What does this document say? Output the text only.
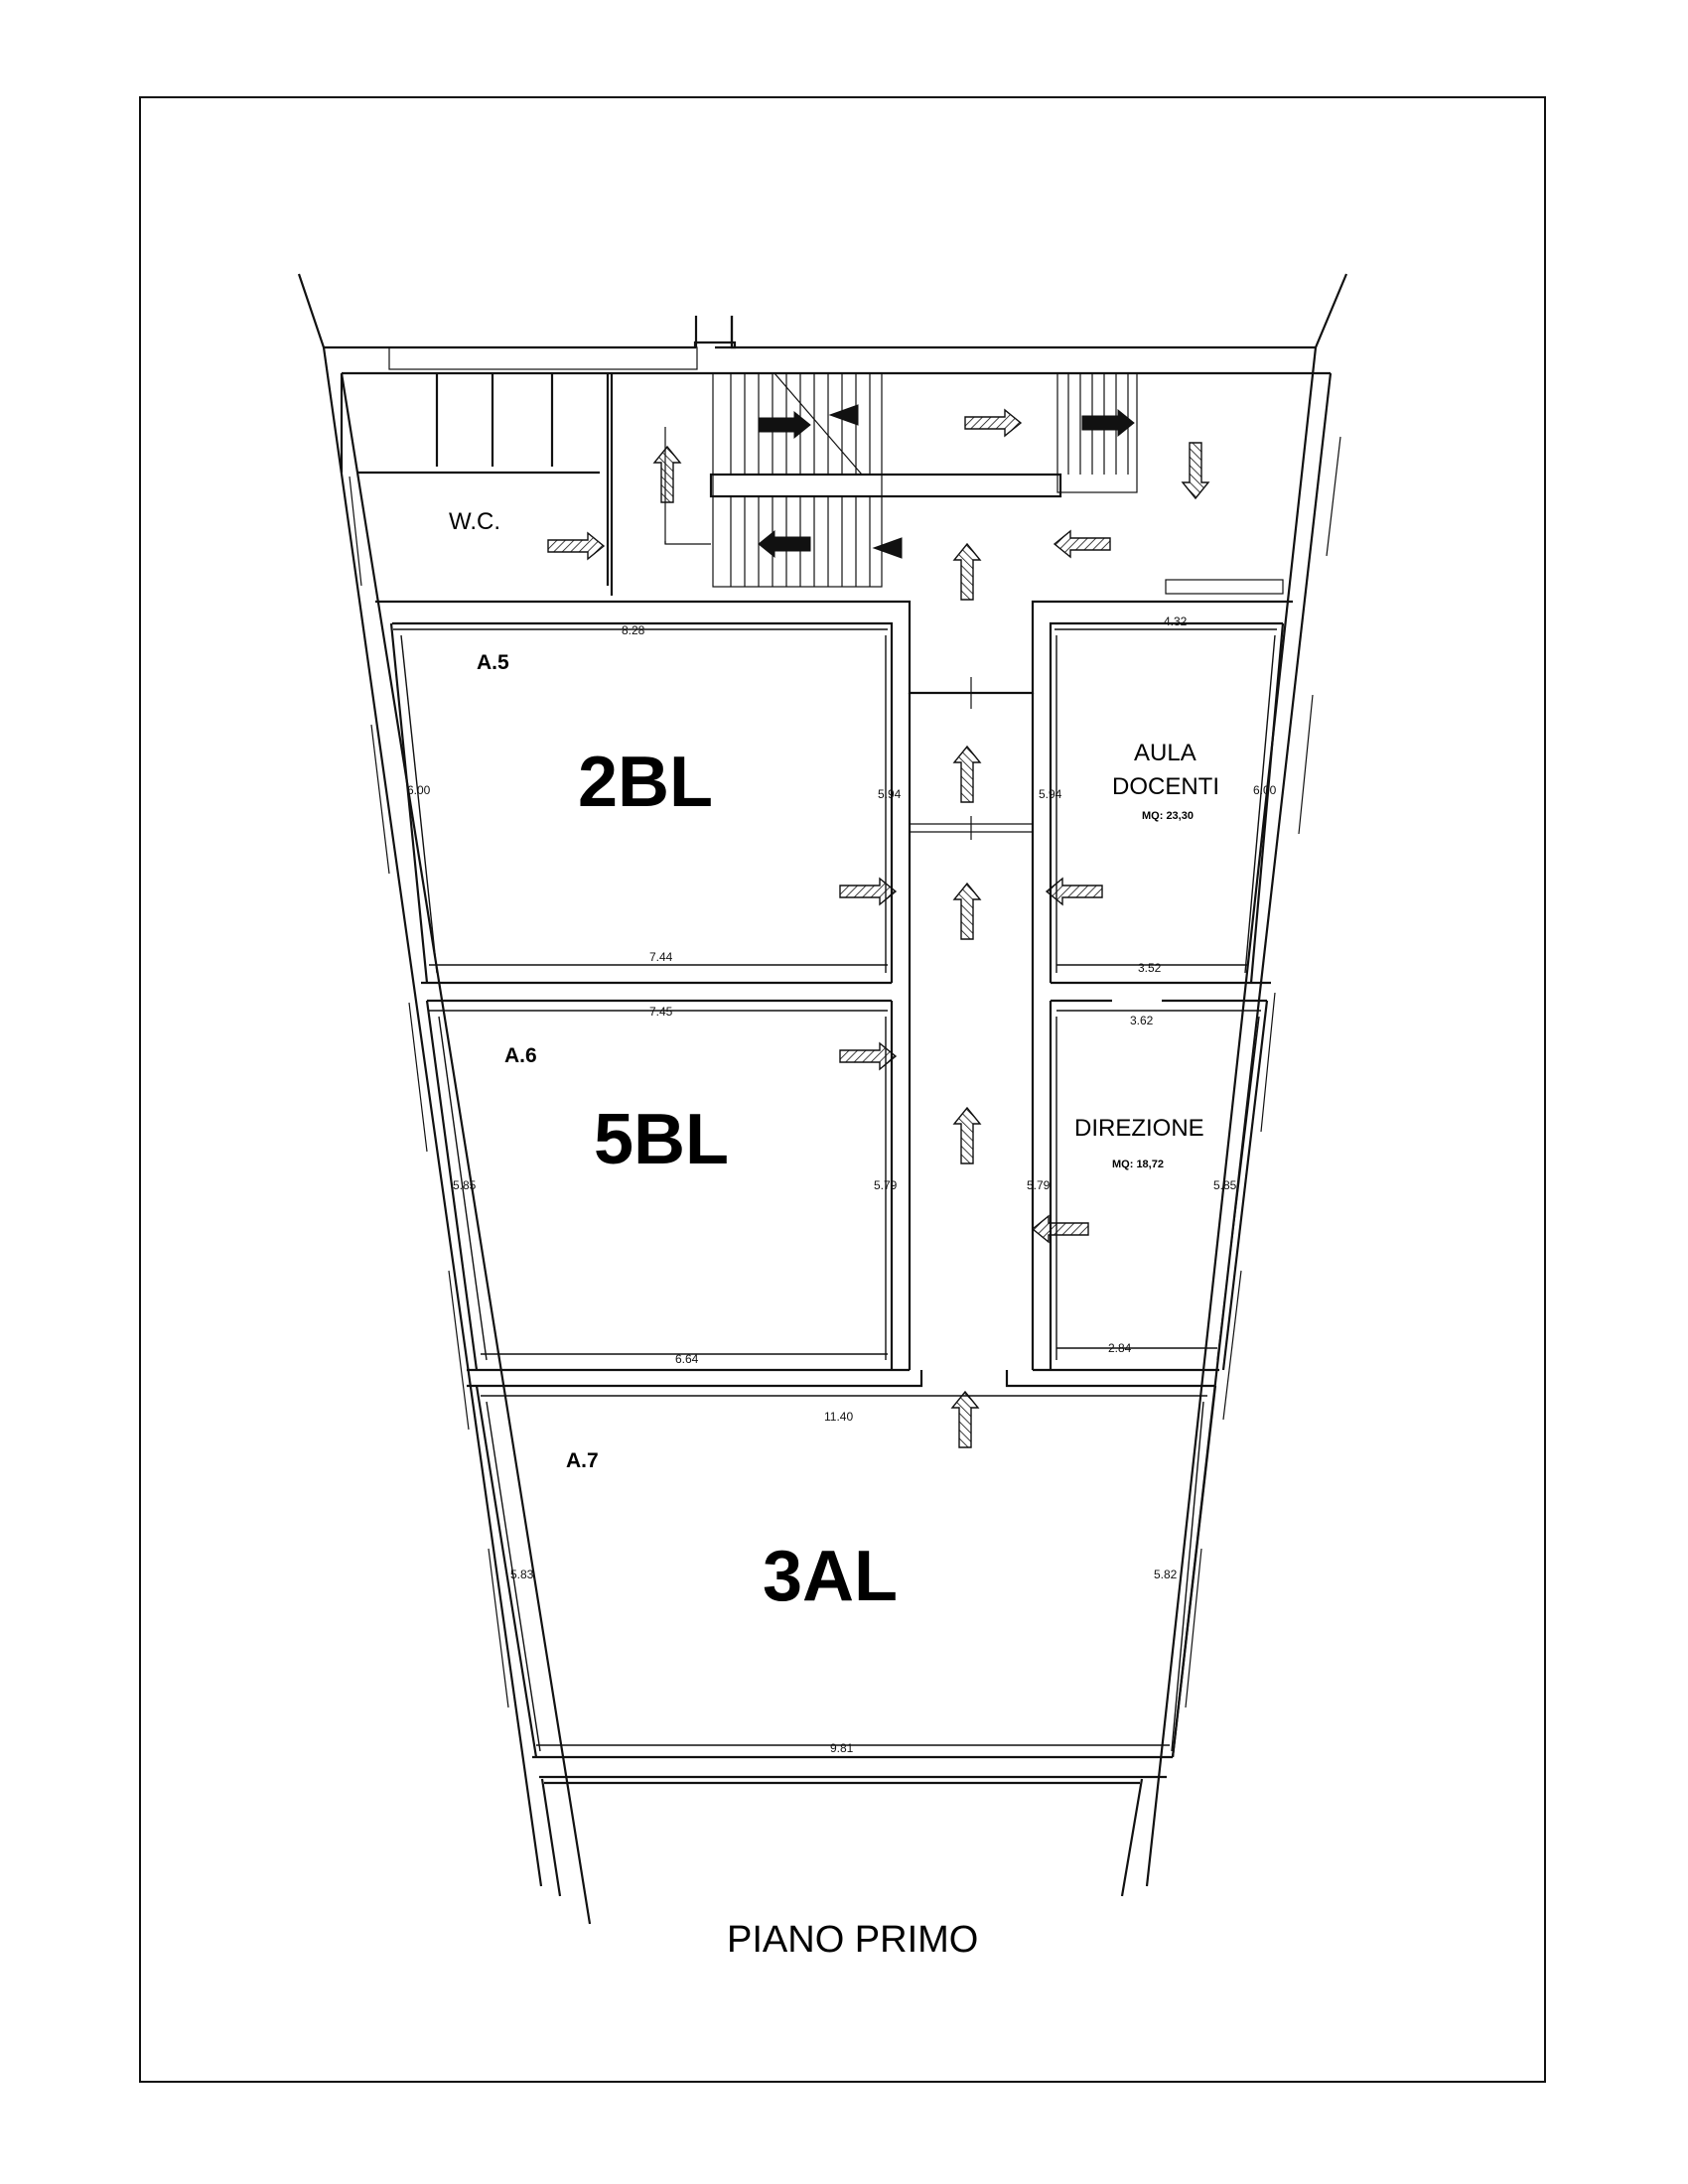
W.C.
A.5
2BL
8.28
7.44
6.00	5.94
A.6
5BL
7.45
6.64
5.85	5.79
A.7
3AL
11.40
9.81
5.83	5.82
AULA
DOCENTI
MQ: 23,30
4.32
3.52
5.94	6.00
DIREZIONE
MQ: 18,72
3.62
2.84
5.79	5.85
PIANO PRIMO
